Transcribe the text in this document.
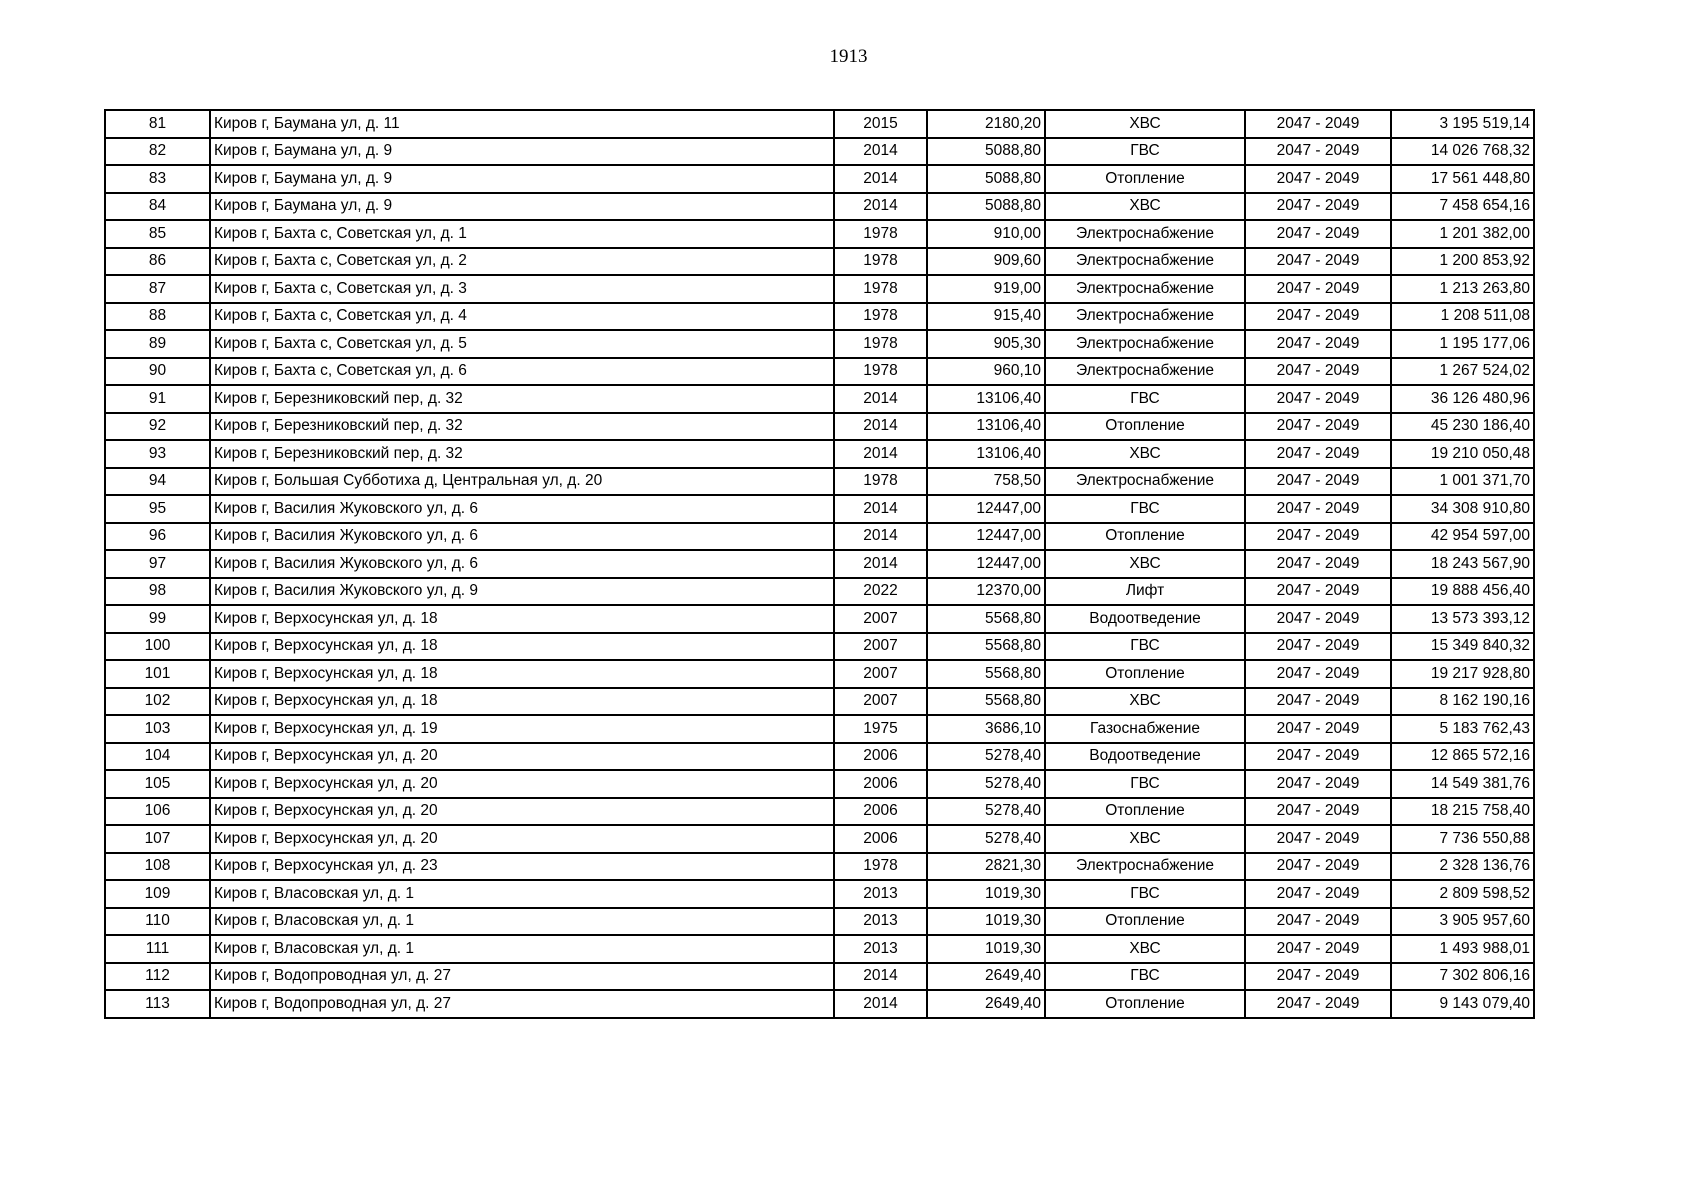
1913
81	Киров г, Баумана ул, д. 11	2015	2180,20	ХВС	2047 - 2049	3 195 519,14
82	Киров г, Баумана ул, д. 9	2014	5088,80	ГВС	2047 - 2049	14 026 768,32
83	Киров г, Баумана ул, д. 9	2014	5088,80	Отопление	2047 - 2049	17 561 448,80
84	Киров г, Баумана ул, д. 9	2014	5088,80	ХВС	2047 - 2049	7 458 654,16
85	Киров г, Бахта с, Советская ул, д. 1	1978	910,00	Электроснабжение	2047 - 2049	1 201 382,00
86	Киров г, Бахта с, Советская ул, д. 2	1978	909,60	Электроснабжение	2047 - 2049	1 200 853,92
87	Киров г, Бахта с, Советская ул, д. 3	1978	919,00	Электроснабжение	2047 - 2049	1 213 263,80
88	Киров г, Бахта с, Советская ул, д. 4	1978	915,40	Электроснабжение	2047 - 2049	1 208 511,08
89	Киров г, Бахта с, Советская ул, д. 5	1978	905,30	Электроснабжение	2047 - 2049	1 195 177,06
90	Киров г, Бахта с, Советская ул, д. 6	1978	960,10	Электроснабжение	2047 - 2049	1 267 524,02
91	Киров г, Березниковский пер, д. 32	2014	13106,40	ГВС	2047 - 2049	36 126 480,96
92	Киров г, Березниковский пер, д. 32	2014	13106,40	Отопление	2047 - 2049	45 230 186,40
93	Киров г, Березниковский пер, д. 32	2014	13106,40	ХВС	2047 - 2049	19 210 050,48
94	Киров г, Большая Субботиха д, Центральная ул, д. 20	1978	758,50	Электроснабжение	2047 - 2049	1 001 371,70
95	Киров г, Василия Жуковского ул, д. 6	2014	12447,00	ГВС	2047 - 2049	34 308 910,80
96	Киров г, Василия Жуковского ул, д. 6	2014	12447,00	Отопление	2047 - 2049	42 954 597,00
97	Киров г, Василия Жуковского ул, д. 6	2014	12447,00	ХВС	2047 - 2049	18 243 567,90
98	Киров г, Василия Жуковского ул, д. 9	2022	12370,00	Лифт	2047 - 2049	19 888 456,40
99	Киров г, Верхосунская ул, д. 18	2007	5568,80	Водоотведение	2047 - 2049	13 573 393,12
100	Киров г, Верхосунская ул, д. 18	2007	5568,80	ГВС	2047 - 2049	15 349 840,32
101	Киров г, Верхосунская ул, д. 18	2007	5568,80	Отопление	2047 - 2049	19 217 928,80
102	Киров г, Верхосунская ул, д. 18	2007	5568,80	ХВС	2047 - 2049	8 162 190,16
103	Киров г, Верхосунская ул, д. 19	1975	3686,10	Газоснабжение	2047 - 2049	5 183 762,43
104	Киров г, Верхосунская ул, д. 20	2006	5278,40	Водоотведение	2047 - 2049	12 865 572,16
105	Киров г, Верхосунская ул, д. 20	2006	5278,40	ГВС	2047 - 2049	14 549 381,76
106	Киров г, Верхосунская ул, д. 20	2006	5278,40	Отопление	2047 - 2049	18 215 758,40
107	Киров г, Верхосунская ул, д. 20	2006	5278,40	ХВС	2047 - 2049	7 736 550,88
108	Киров г, Верхосунская ул, д. 23	1978	2821,30	Электроснабжение	2047 - 2049	2 328 136,76
109	Киров г, Власовская ул, д. 1	2013	1019,30	ГВС	2047 - 2049	2 809 598,52
110	Киров г, Власовская ул, д. 1	2013	1019,30	Отопление	2047 - 2049	3 905 957,60
111	Киров г, Власовская ул, д. 1	2013	1019,30	ХВС	2047 - 2049	1 493 988,01
112	Киров г, Водопроводная ул, д. 27	2014	2649,40	ГВС	2047 - 2049	7 302 806,16
113	Киров г, Водопроводная ул, д. 27	2014	2649,40	Отопление	2047 - 2049	9 143 079,40
